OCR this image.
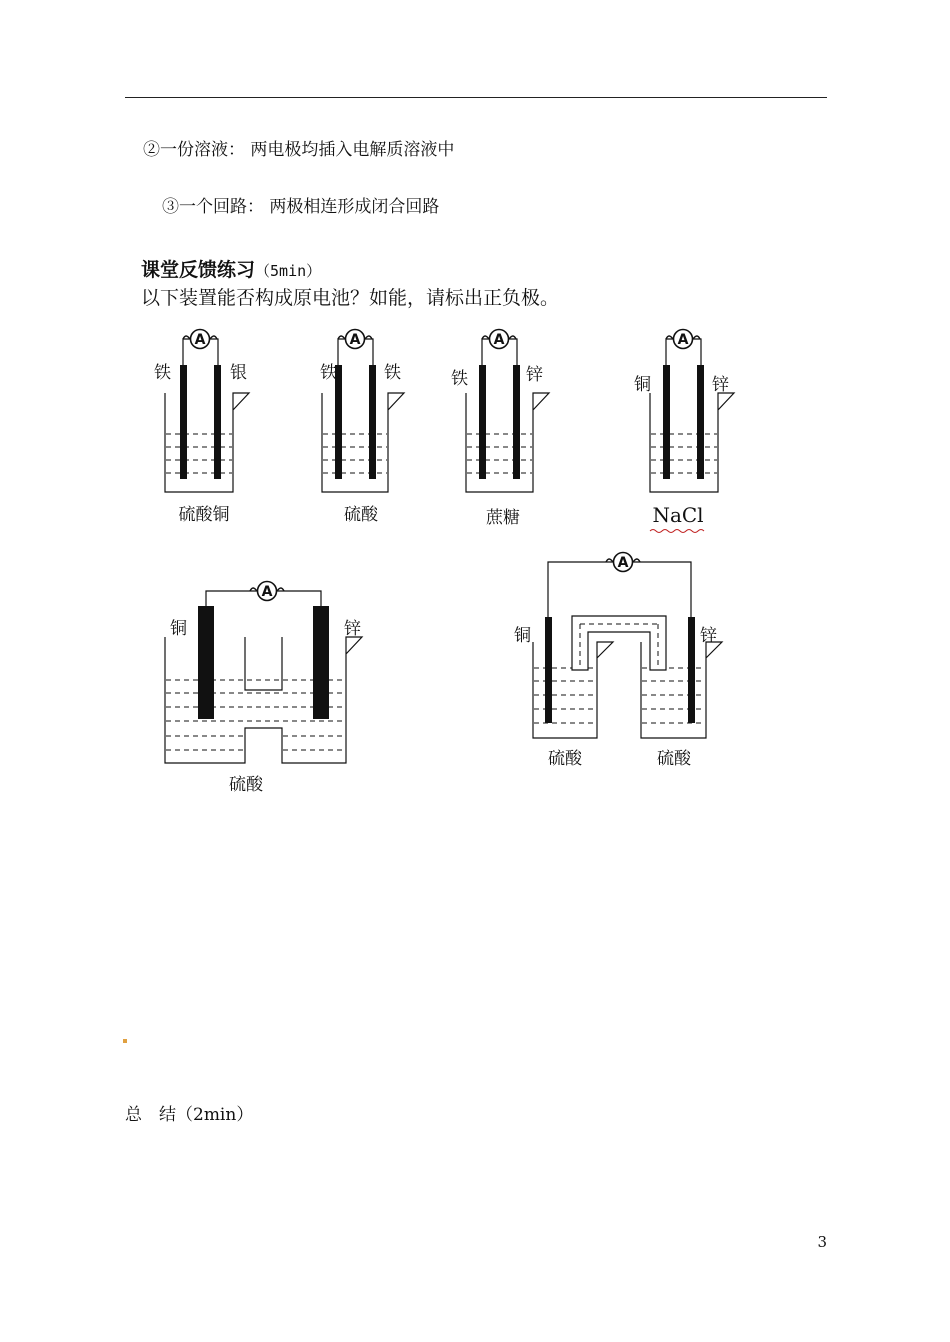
②一份溶液： 两电极均插入电解质溶液中
③一个回路： 两极相连形成闭合回路
课堂反馈练习（5min）
以下装置能否构成原电池？如能，请标出正负极。
A
铁	银
硫酸铜
A
铁	铁
硫酸
A
铁	锌
蔗糖
A
铜	锌
NaCl
A
铜	锌
硫酸
A
铜	锌
硫酸	硫酸
总　结（2min）
3
